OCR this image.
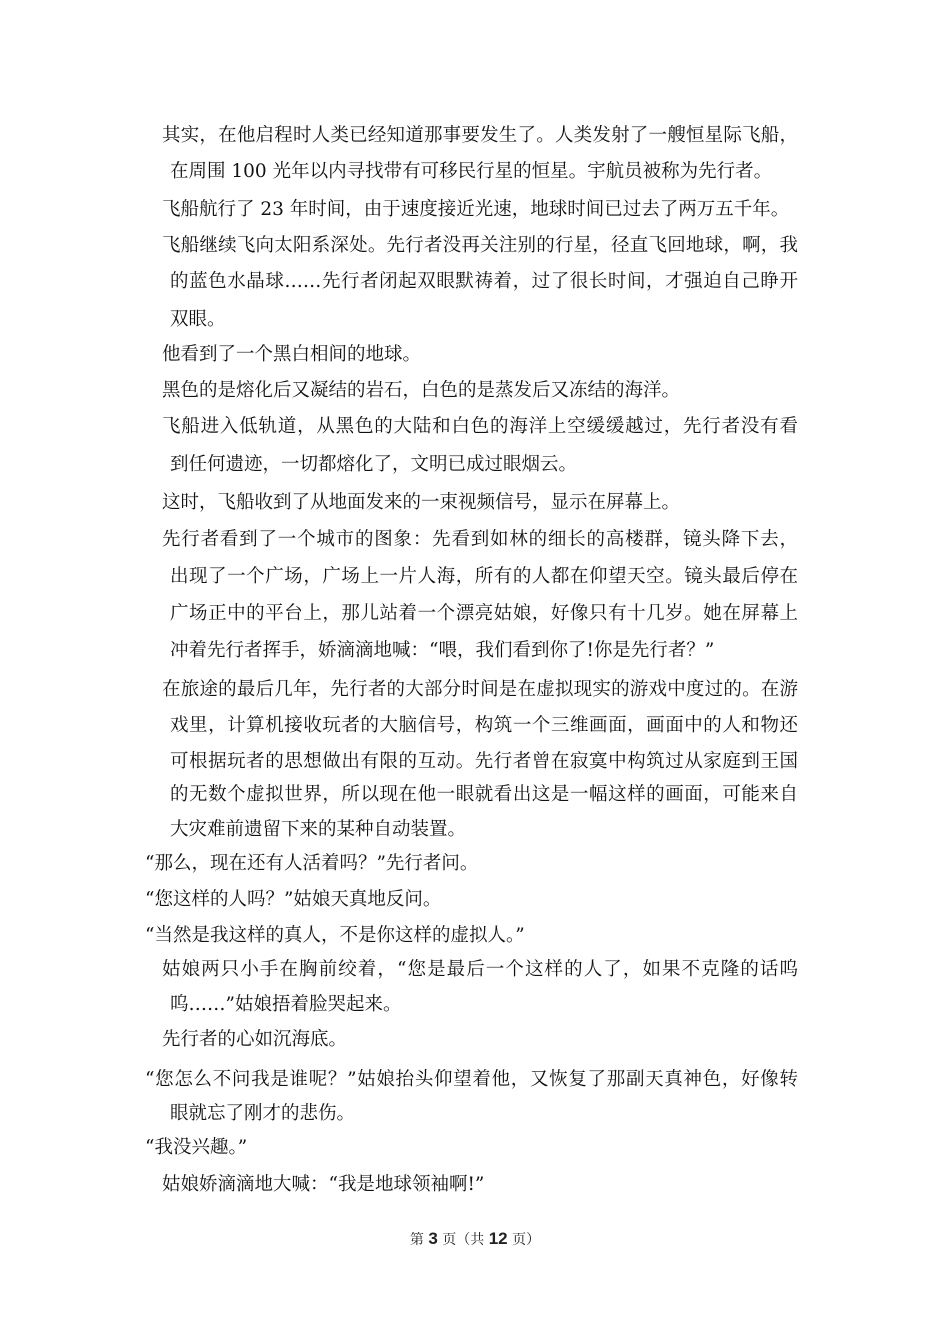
其实，在他启程时人类已经知道那事要发生了。人类发射了一艘恒星际飞船，
在周围 100 光年以内寻找带有可移民行星的恒星。宇航员被称为先行者。
飞船航行了 23 年时间，由于速度接近光速，地球时间已过去了两万五千年。
飞船继续飞向太阳系深处。先行者没再关注别的行星，径直飞回地球，啊，我
的蓝色水晶球……先行者闭起双眼默祷着，过了很长时间，才强迫自己睁开
双眼。
他看到了一个黑白相间的地球。
黑色的是熔化后又凝结的岩石，白色的是蒸发后又冻结的海洋。
飞船进入低轨道，从黑色的大陆和白色的海洋上空缓缓越过，先行者没有看
到任何遗迹，一切都熔化了，文明已成过眼烟云。
这时，飞船收到了从地面发来的一束视频信号，显示在屏幕上。
先行者看到了一个城市的图象：先看到如林的细长的高楼群，镜头降下去，
出现了一个广场，广场上一片人海，所有的人都在仰望天空。镜头最后停在
广场正中的平台上，那儿站着一个漂亮姑娘，好像只有十几岁。她在屏幕上
冲着先行者挥手，娇滴滴地喊：“喂，我们看到你了!你是先行者？”
在旅途的最后几年，先行者的大部分时间是在虚拟现实的游戏中度过的。在游
戏里，计算机接收玩者的大脑信号，构筑一个三维画面，画面中的人和物还
可根据玩者的思想做出有限的互动。先行者曾在寂寞中构筑过从家庭到王国
的无数个虚拟世界，所以现在他一眼就看出这是一幅这样的画面，可能来自
大灾难前遗留下来的某种自动装置。
“那么，现在还有人活着吗？”先行者问。
“您这样的人吗？”姑娘天真地反问。
“当然是我这样的真人，不是你这样的虚拟人。”
姑娘两只小手在胸前绞着，“您是最后一个这样的人了，如果不克隆的话呜
呜……”姑娘捂着脸哭起来。
先行者的心如沉海底。
“您怎么不问我是谁呢？”姑娘抬头仰望着他，又恢复了那副天真神色，好像转
眼就忘了刚才的悲伤。
“我没兴趣。”
姑娘娇滴滴地大喊：“我是地球领袖啊!”
第 3 页（共 12 页）
